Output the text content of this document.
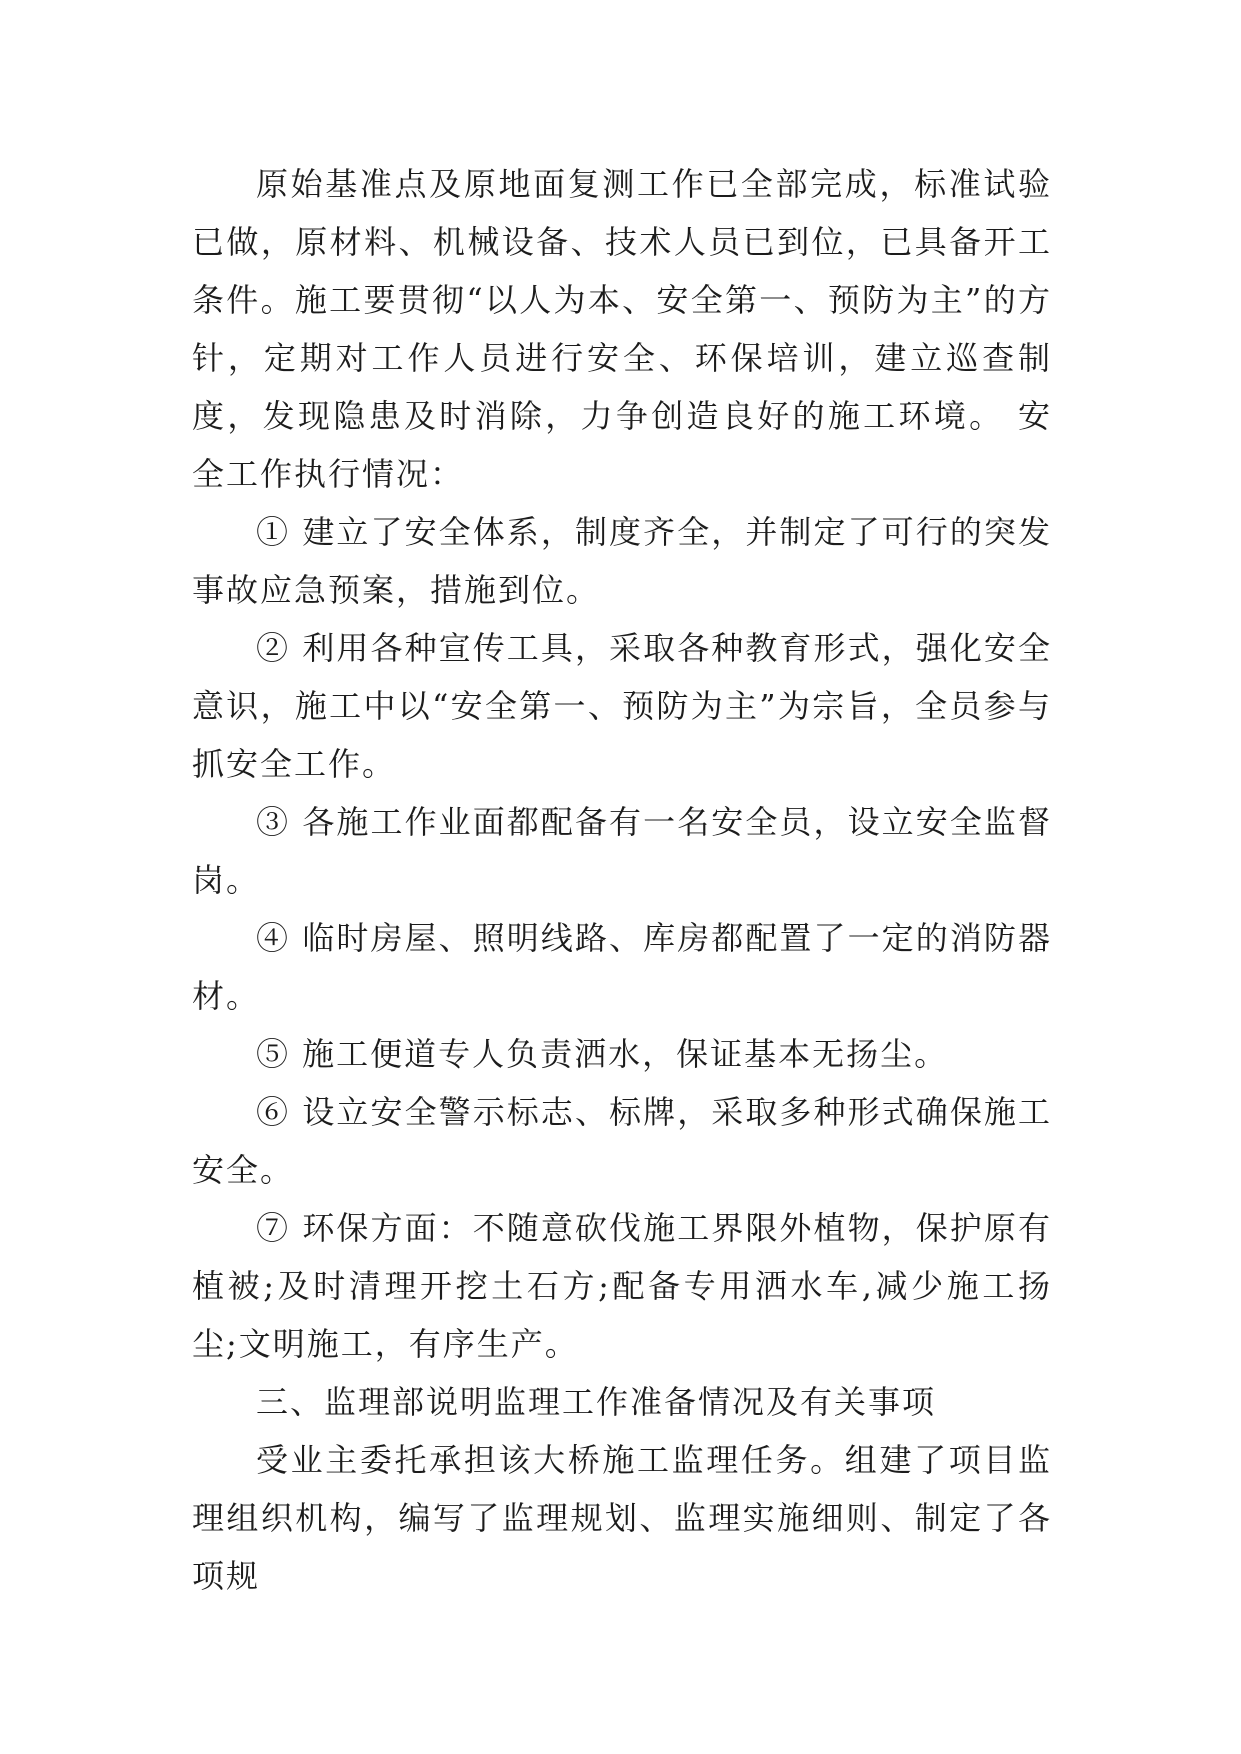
原始基准点及原地面复测工作已全部完成，标准试验已做，原材料、机械设备、技术人员已到位，已具备开工条件。施工要贯彻“以人为本、安全第一、预防为主”的方针，定期对工作人员进行安全、环保培训，建立巡查制度，发现隐患及时消除，力争创造良好的施工环境。 安全工作执行情况：

① 建立了安全体系，制度齐全，并制定了可行的突发事故应急预案，措施到位。

② 利用各种宣传工具，采取各种教育形式，强化安全意识，施工中以“安全第一、预防为主”为宗旨，全员参与抓安全工作。

③ 各施工作业面都配备有一名安全员，设立安全监督岗。

④ 临时房屋、照明线路、库房都配置了一定的消防器材。

⑤ 施工便道专人负责洒水，保证基本无扬尘。

⑥ 设立安全警示标志、标牌，采取多种形式确保施工安全。

⑦ 环保方面：不随意砍伐施工界限外植物，保护原有植被;及时清理开挖土石方;配备专用洒水车,减少施工扬尘;文明施工，有序生产。

三、监理部说明监理工作准备情况及有关事项

受业主委托承担该大桥施工监理任务。组建了项目监理组织机构，编写了监理规划、监理实施细则、制定了各项规
